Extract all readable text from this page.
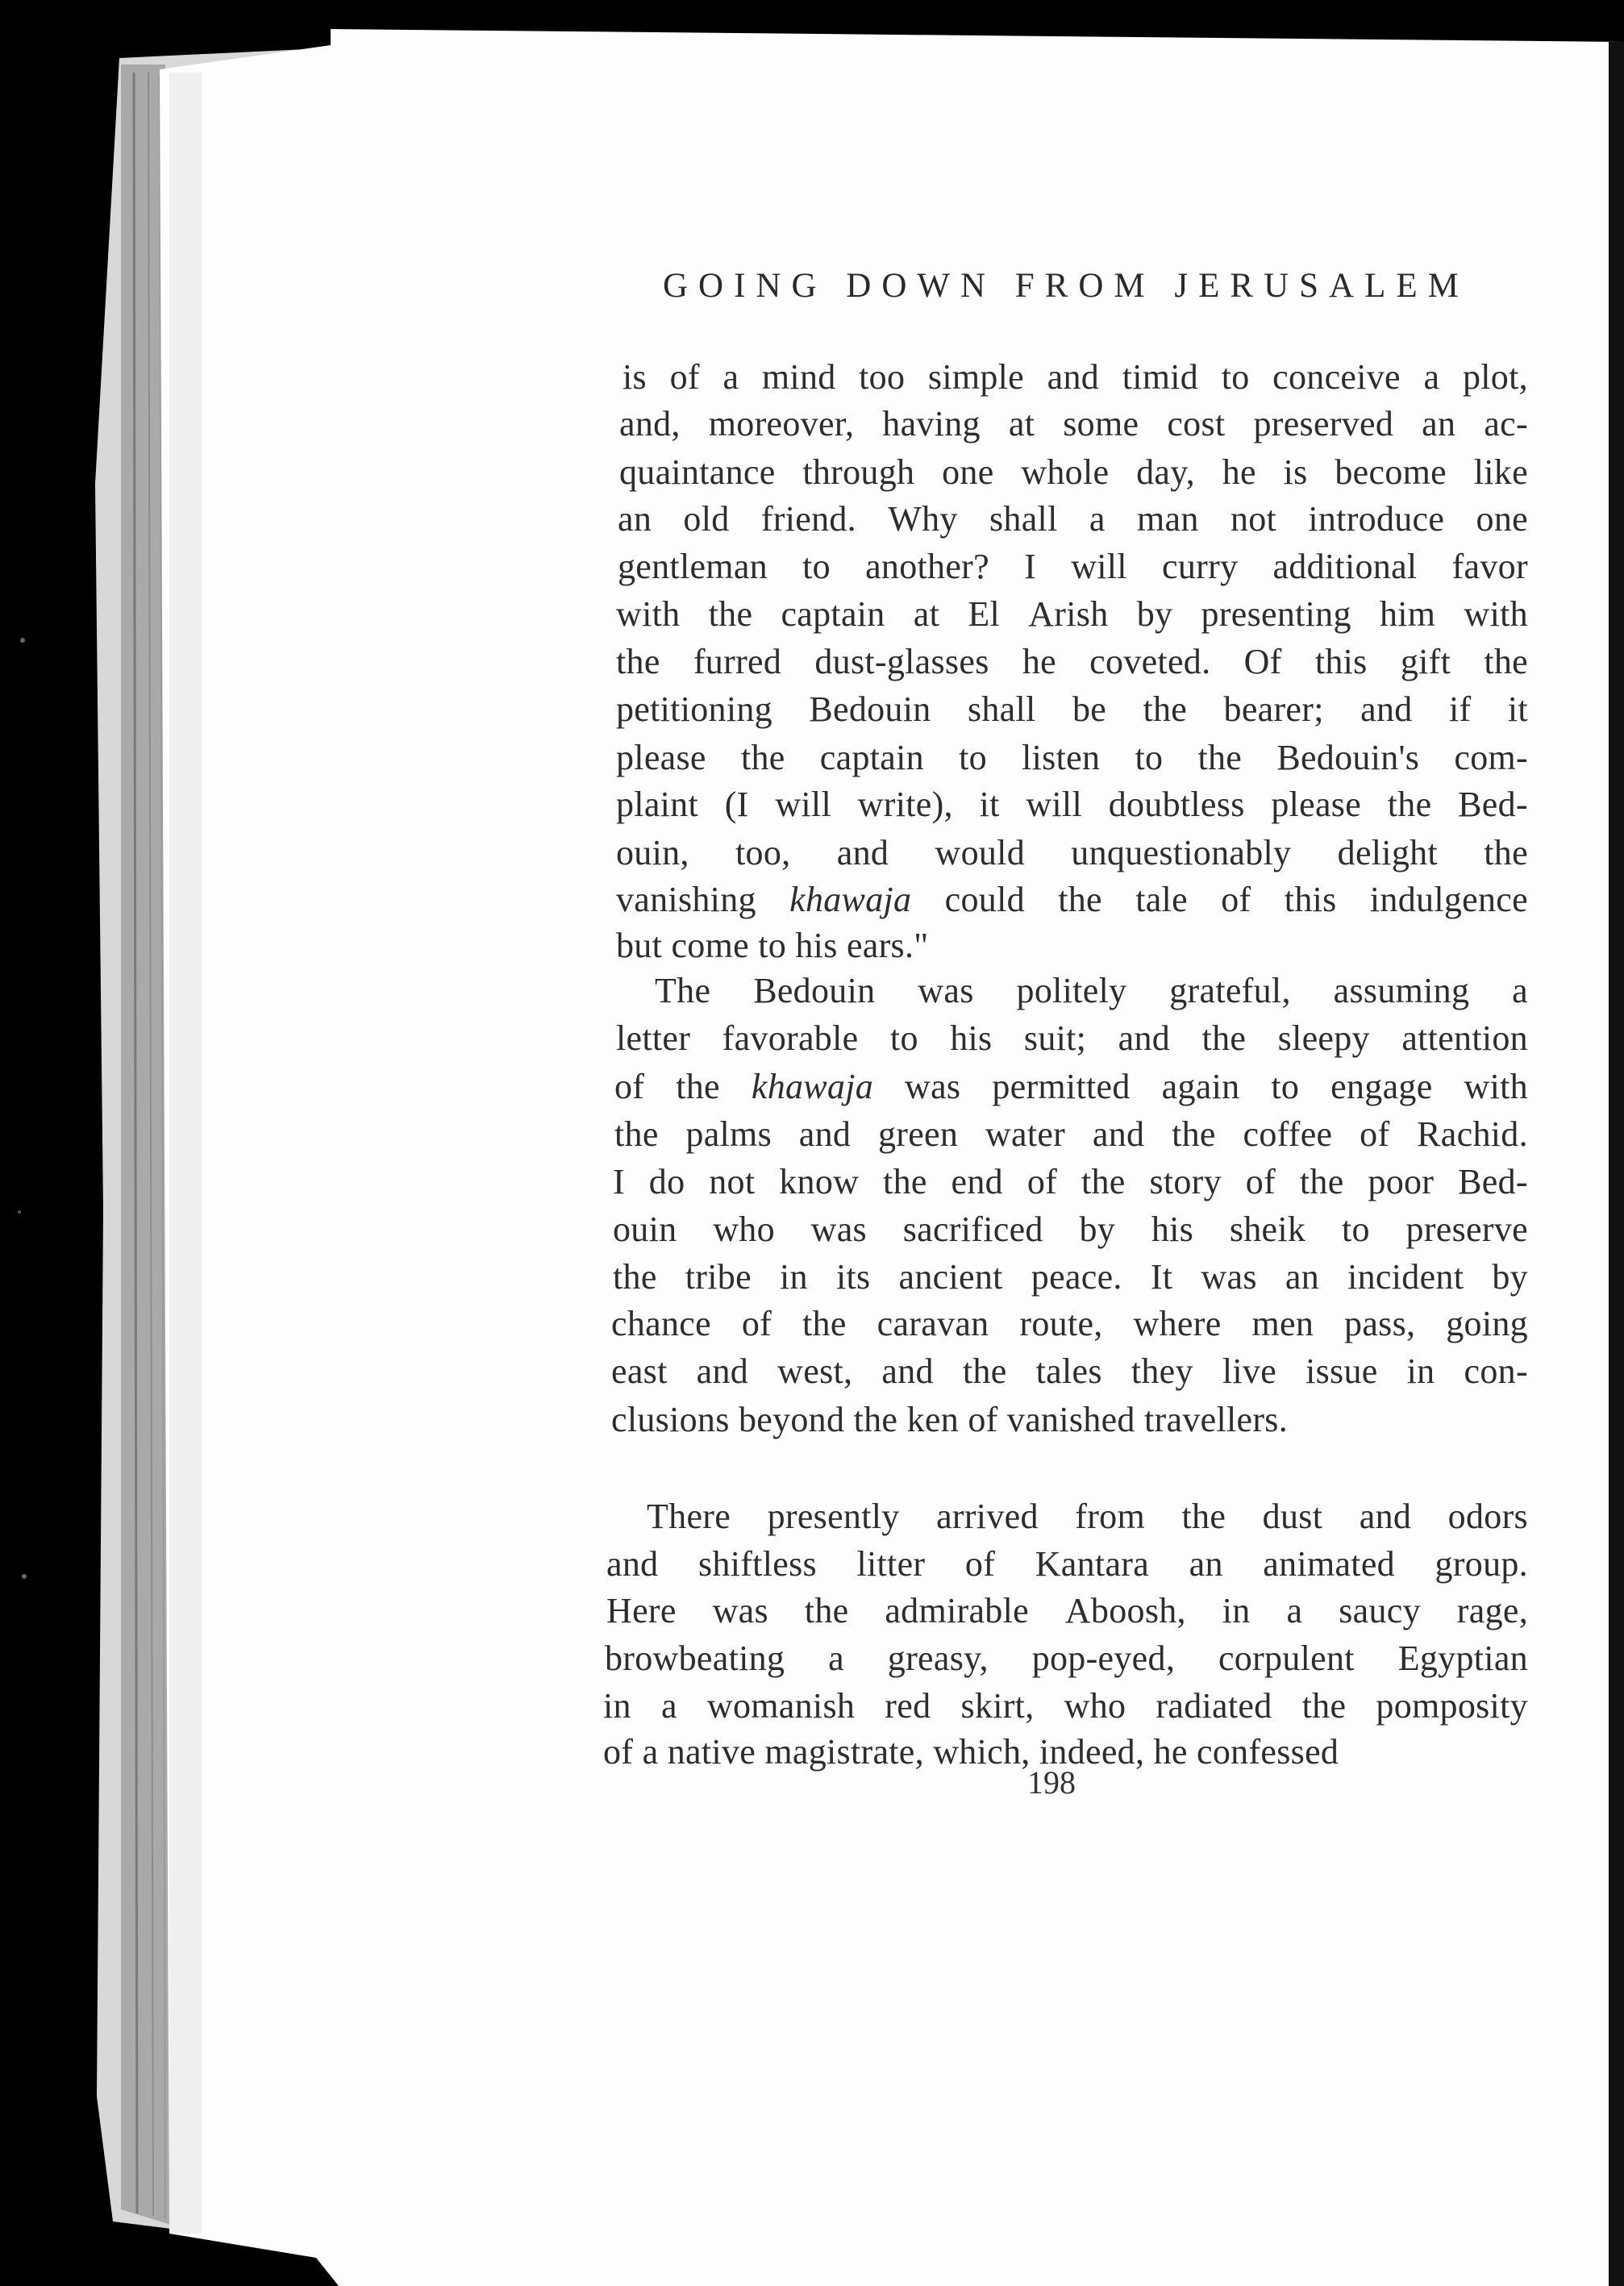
GOING DOWN FROM JERUSALEM
is of a mind too simple and timid to conceive a plot,
and, moreover, having at some cost preserved an ac-
quaintance through one whole day, he is become like
an old friend. Why shall a man not introduce one
gentleman to another? I will curry additional favor
with the captain at El Arish by presenting him with
the furred dust-glasses he coveted. Of this gift the
petitioning Bedouin shall be the bearer; and if it
please the captain to listen to the Bedouin's com-
plaint (I will write), it will doubtless please the Bed-
ouin, too, and would unquestionably delight the
vanishing khawaja could the tale of this indulgence
but come to his ears."
The Bedouin was politely grateful, assuming a
letter favorable to his suit; and the sleepy attention
of the khawaja was permitted again to engage with
the palms and green water and the coffee of Rachid.
I do not know the end of the story of the poor Bed-
ouin who was sacrificed by his sheik to preserve
the tribe in its ancient peace. It was an incident by
chance of the caravan route, where men pass, going
east and west, and the tales they live issue in con-
clusions beyond the ken of vanished travellers.
There presently arrived from the dust and odors
and shiftless litter of Kantara an animated group.
Here was the admirable Aboosh, in a saucy rage,
browbeating a greasy, pop-eyed, corpulent Egyptian
in a womanish red skirt, who radiated the pomposity
of a native magistrate, which, indeed, he confessed
198
